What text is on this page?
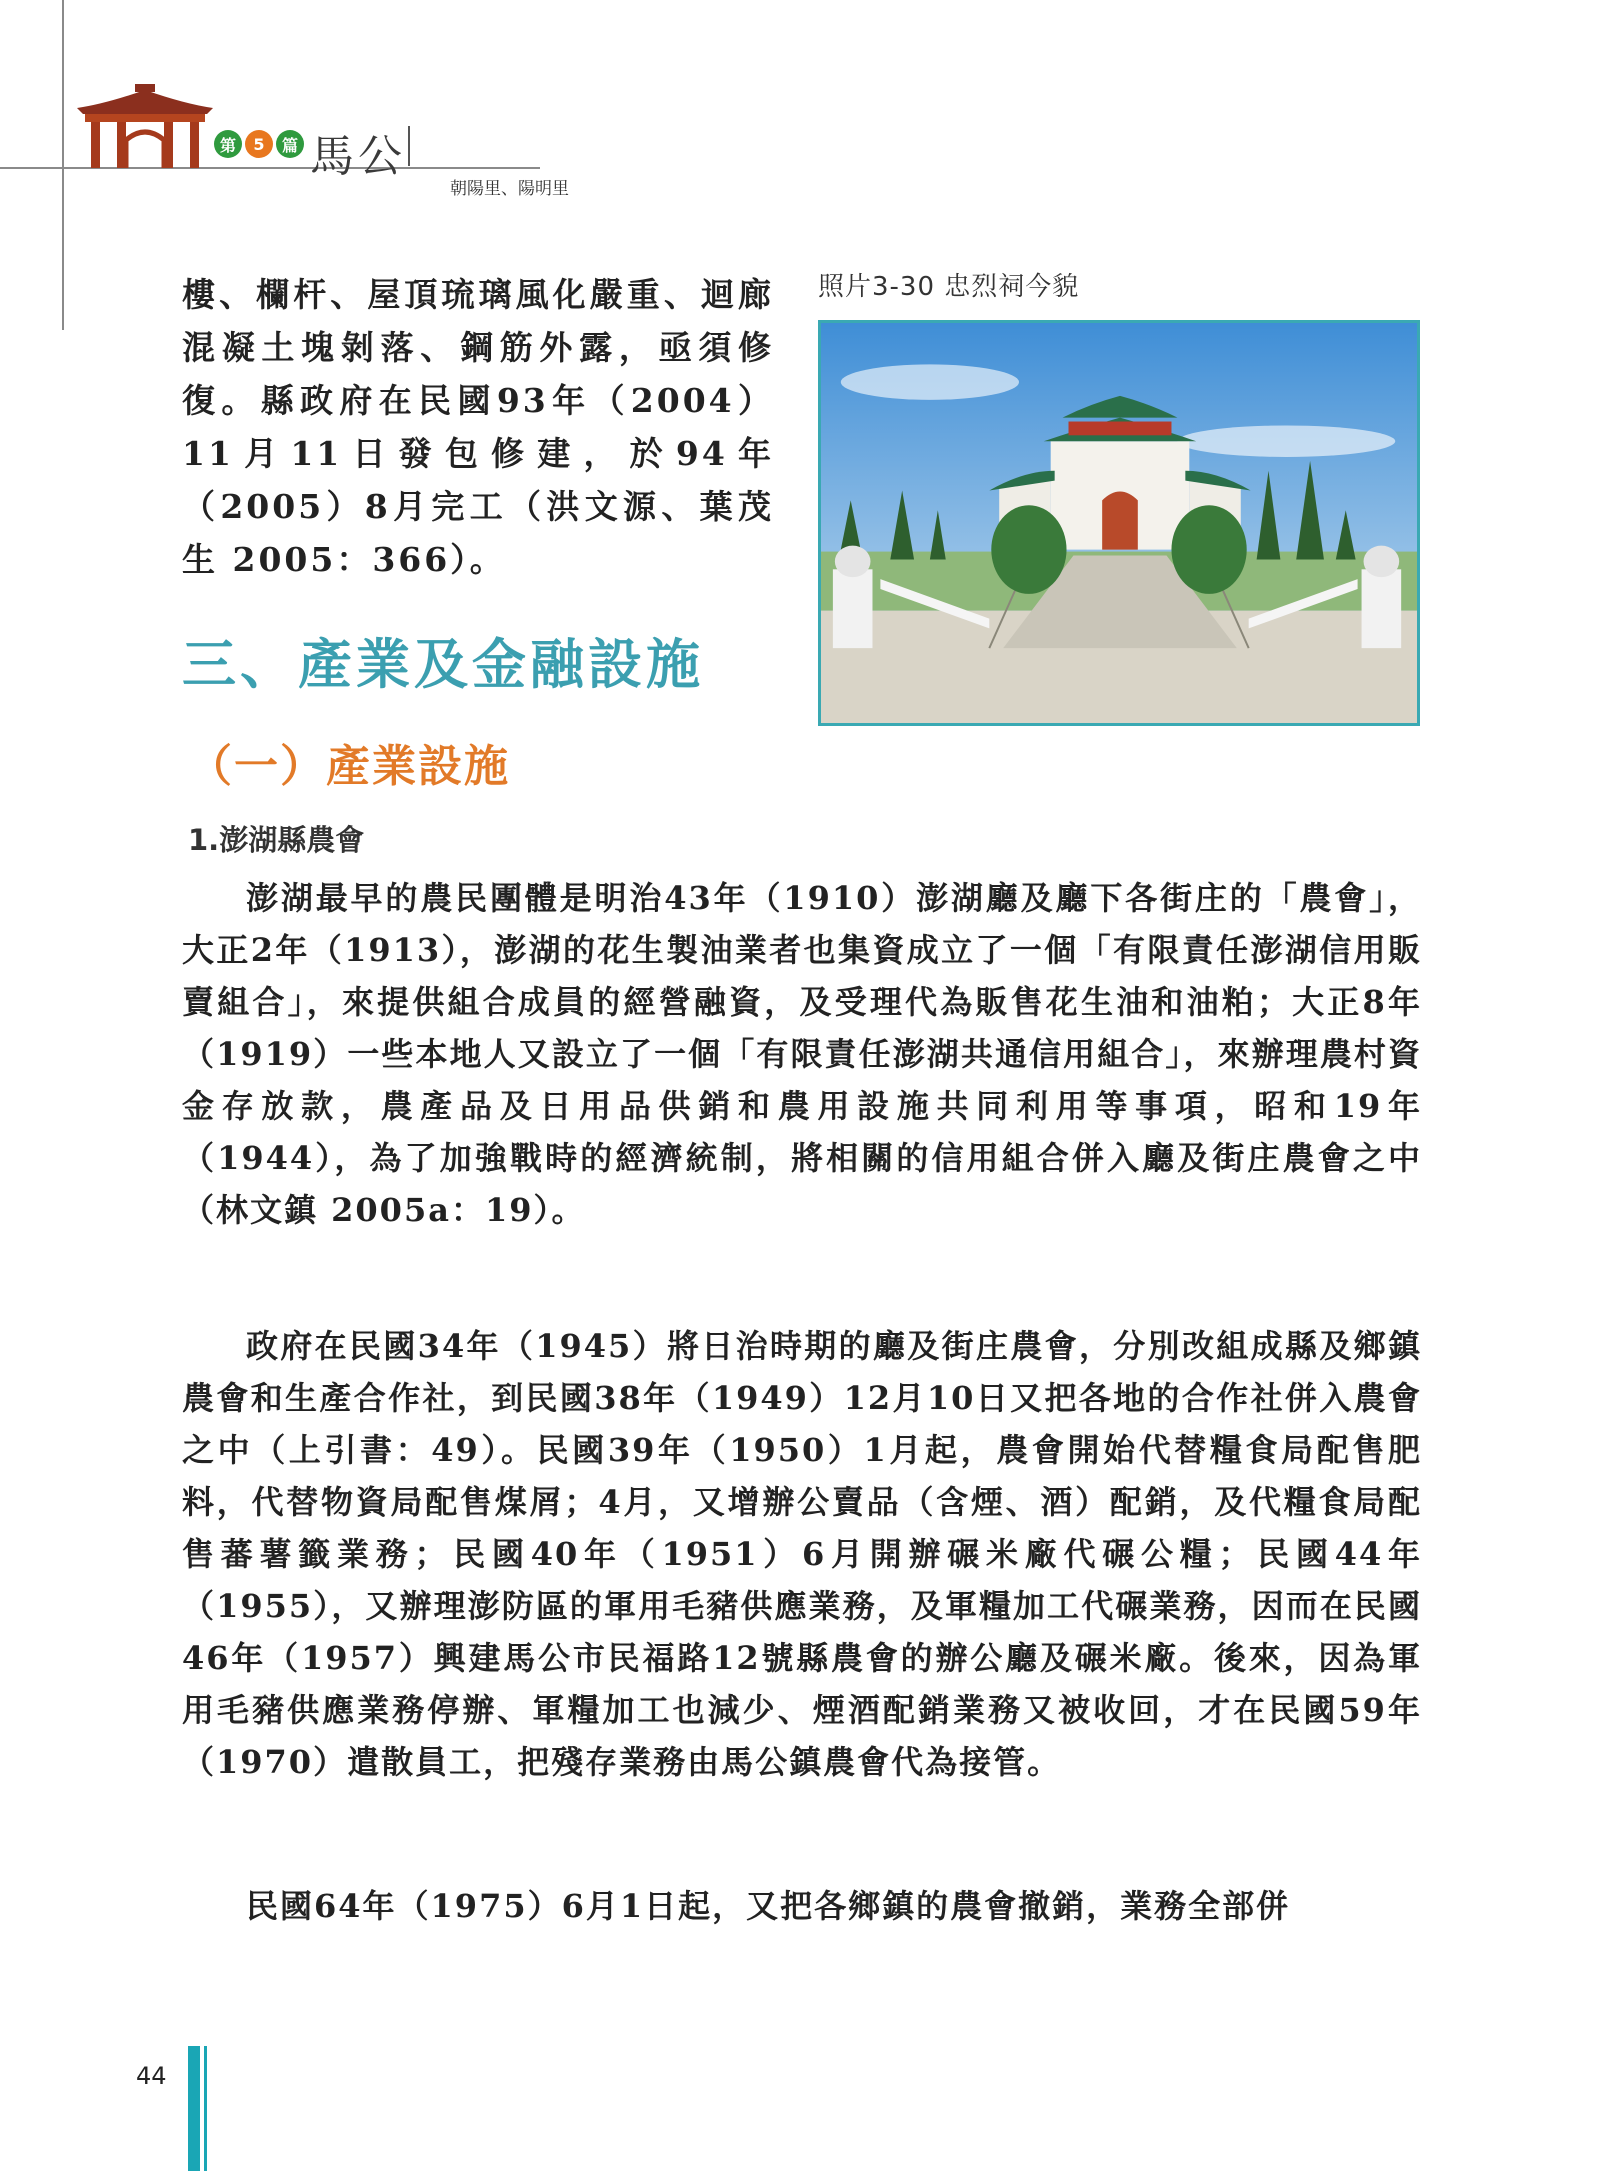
第	5	篇 馬公
朝陽里、陽明里
照片3-30 忠烈祠今貌
樓、欄杆、屋頂琉璃風化嚴重、迴廊混凝土塊剝落、鋼筋外露，亟須修復。縣政府在民國93年（2004）11月11日發包修建，於94年（2005）8月完工（洪文源、葉茂生 2005：366）。
三、產業及金融設施
（一）產業設施
1.澎湖縣農會

澎湖最早的農民團體是明治43年（1910）澎湖廳及廳下各街庄的「農會」，大正2年（1913），澎湖的花生製油業者也集資成立了一個「有限責任澎湖信用販賣組合」，來提供組合成員的經營融資，及受理代為販售花生油和油粕；大正8年（1919）一些本地人又設立了一個「有限責任澎湖共通信用組合」，來辦理農村資金存放款，農產品及日用品供銷和農用設施共同利用等事項，昭和19年（1944），為了加強戰時的經濟統制，將相關的信用組合併入廳及街庄農會之中（林文鎮 2005a：19）。

政府在民國34年（1945）將日治時期的廳及街庄農會，分別改組成縣及鄉鎮農會和生產合作社，到民國38年（1949）12月10日又把各地的合作社併入農會之中（上引書：49）。民國39年（1950）1月起，農會開始代替糧食局配售肥料，代替物資局配售煤屑；4月，又增辦公賣品（含煙、酒）配銷，及代糧食局配售蕃薯籤業務；民國40年（1951）6月開辦碾米廠代碾公糧；民國44年（1955），又辦理澎防區的軍用毛豬供應業務，及軍糧加工代碾業務，因而在民國46年（1957）興建馬公市民福路12號縣農會的辦公廳及碾米廠。後來，因為軍用毛豬供應業務停辦、軍糧加工也減少、煙酒配銷業務又被收回，才在民國59年（1970）遣散員工，把殘存業務由馬公鎮農會代為接管。

民國64年（1975）6月1日起，又把各鄉鎮的農會撤銷，業務全部併

44
